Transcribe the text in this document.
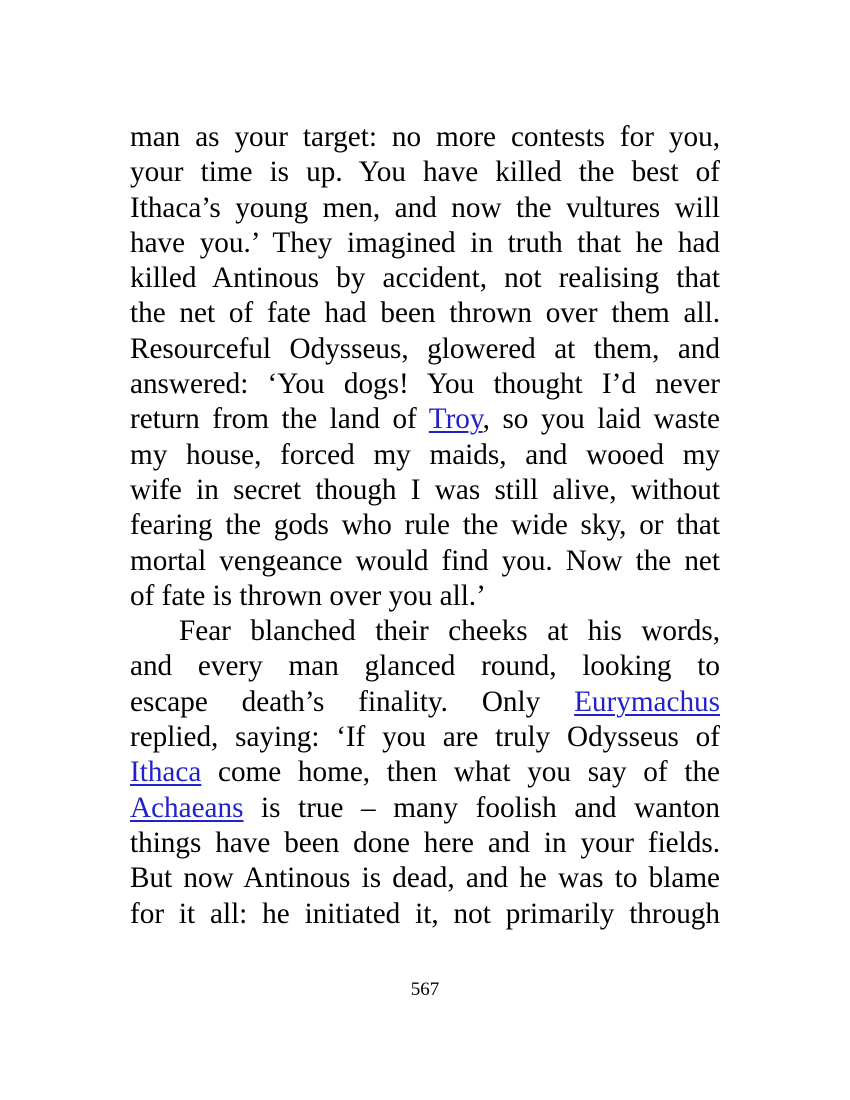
man as your target: no more contests for you,
your time is up. You have killed the best of
Ithaca’s young men, and now the vultures will
have you.’ They imagined in truth that he had
killed Antinous by accident, not realising that
the net of fate had been thrown over them all.
Resourceful Odysseus, glowered at them, and
answered: ‘You dogs! You thought I’d never
return from the land of Troy, so you laid waste
my house, forced my maids, and wooed my
wife in secret though I was still alive, without
fearing the gods who rule the wide sky, or that
mortal vengeance would find you. Now the net
of fate is thrown over you all.’
Fear blanched their cheeks at his words,
and every man glanced round, looking to
escape death’s finality. Only Eurymachus
replied, saying: ‘If you are truly Odysseus of
Ithaca come home, then what you say of the
Achaeans is true – many foolish and wanton
things have been done here and in your fields.
But now Antinous is dead, and he was to blame
for it all: he initiated it, not primarily through
567
